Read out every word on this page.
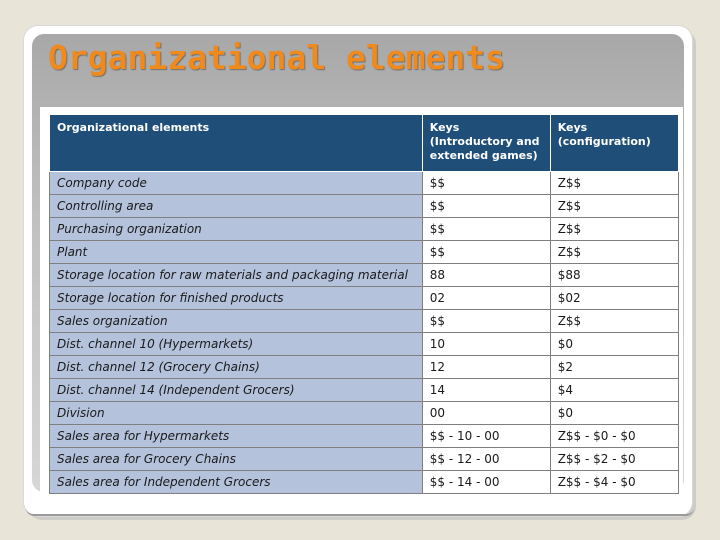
Organizational elements
Organizational elements	Keys (Introductory and extended games)	Keys (configuration)
Company code	$$	Z$$
Controlling area	$$	Z$$
Purchasing organization	$$	Z$$
Plant	$$	Z$$
Storage location for raw materials and packaging material	88	$88
Storage location for finished products	02	$02
Sales organization	$$	Z$$
Dist. channel 10 (Hypermarkets)	10	$0
Dist. channel 12 (Grocery Chains)	12	$2
Dist. channel 14 (Independent Grocers)	14	$4
Division	00	$0
Sales area for Hypermarkets	$$ - 10 - 00	Z$$ - $0 - $0
Sales area for Grocery Chains	$$ - 12 - 00	Z$$ - $2 - $0
Sales area for Independent Grocers	$$ - 14 - 00	Z$$ - $4 - $0
